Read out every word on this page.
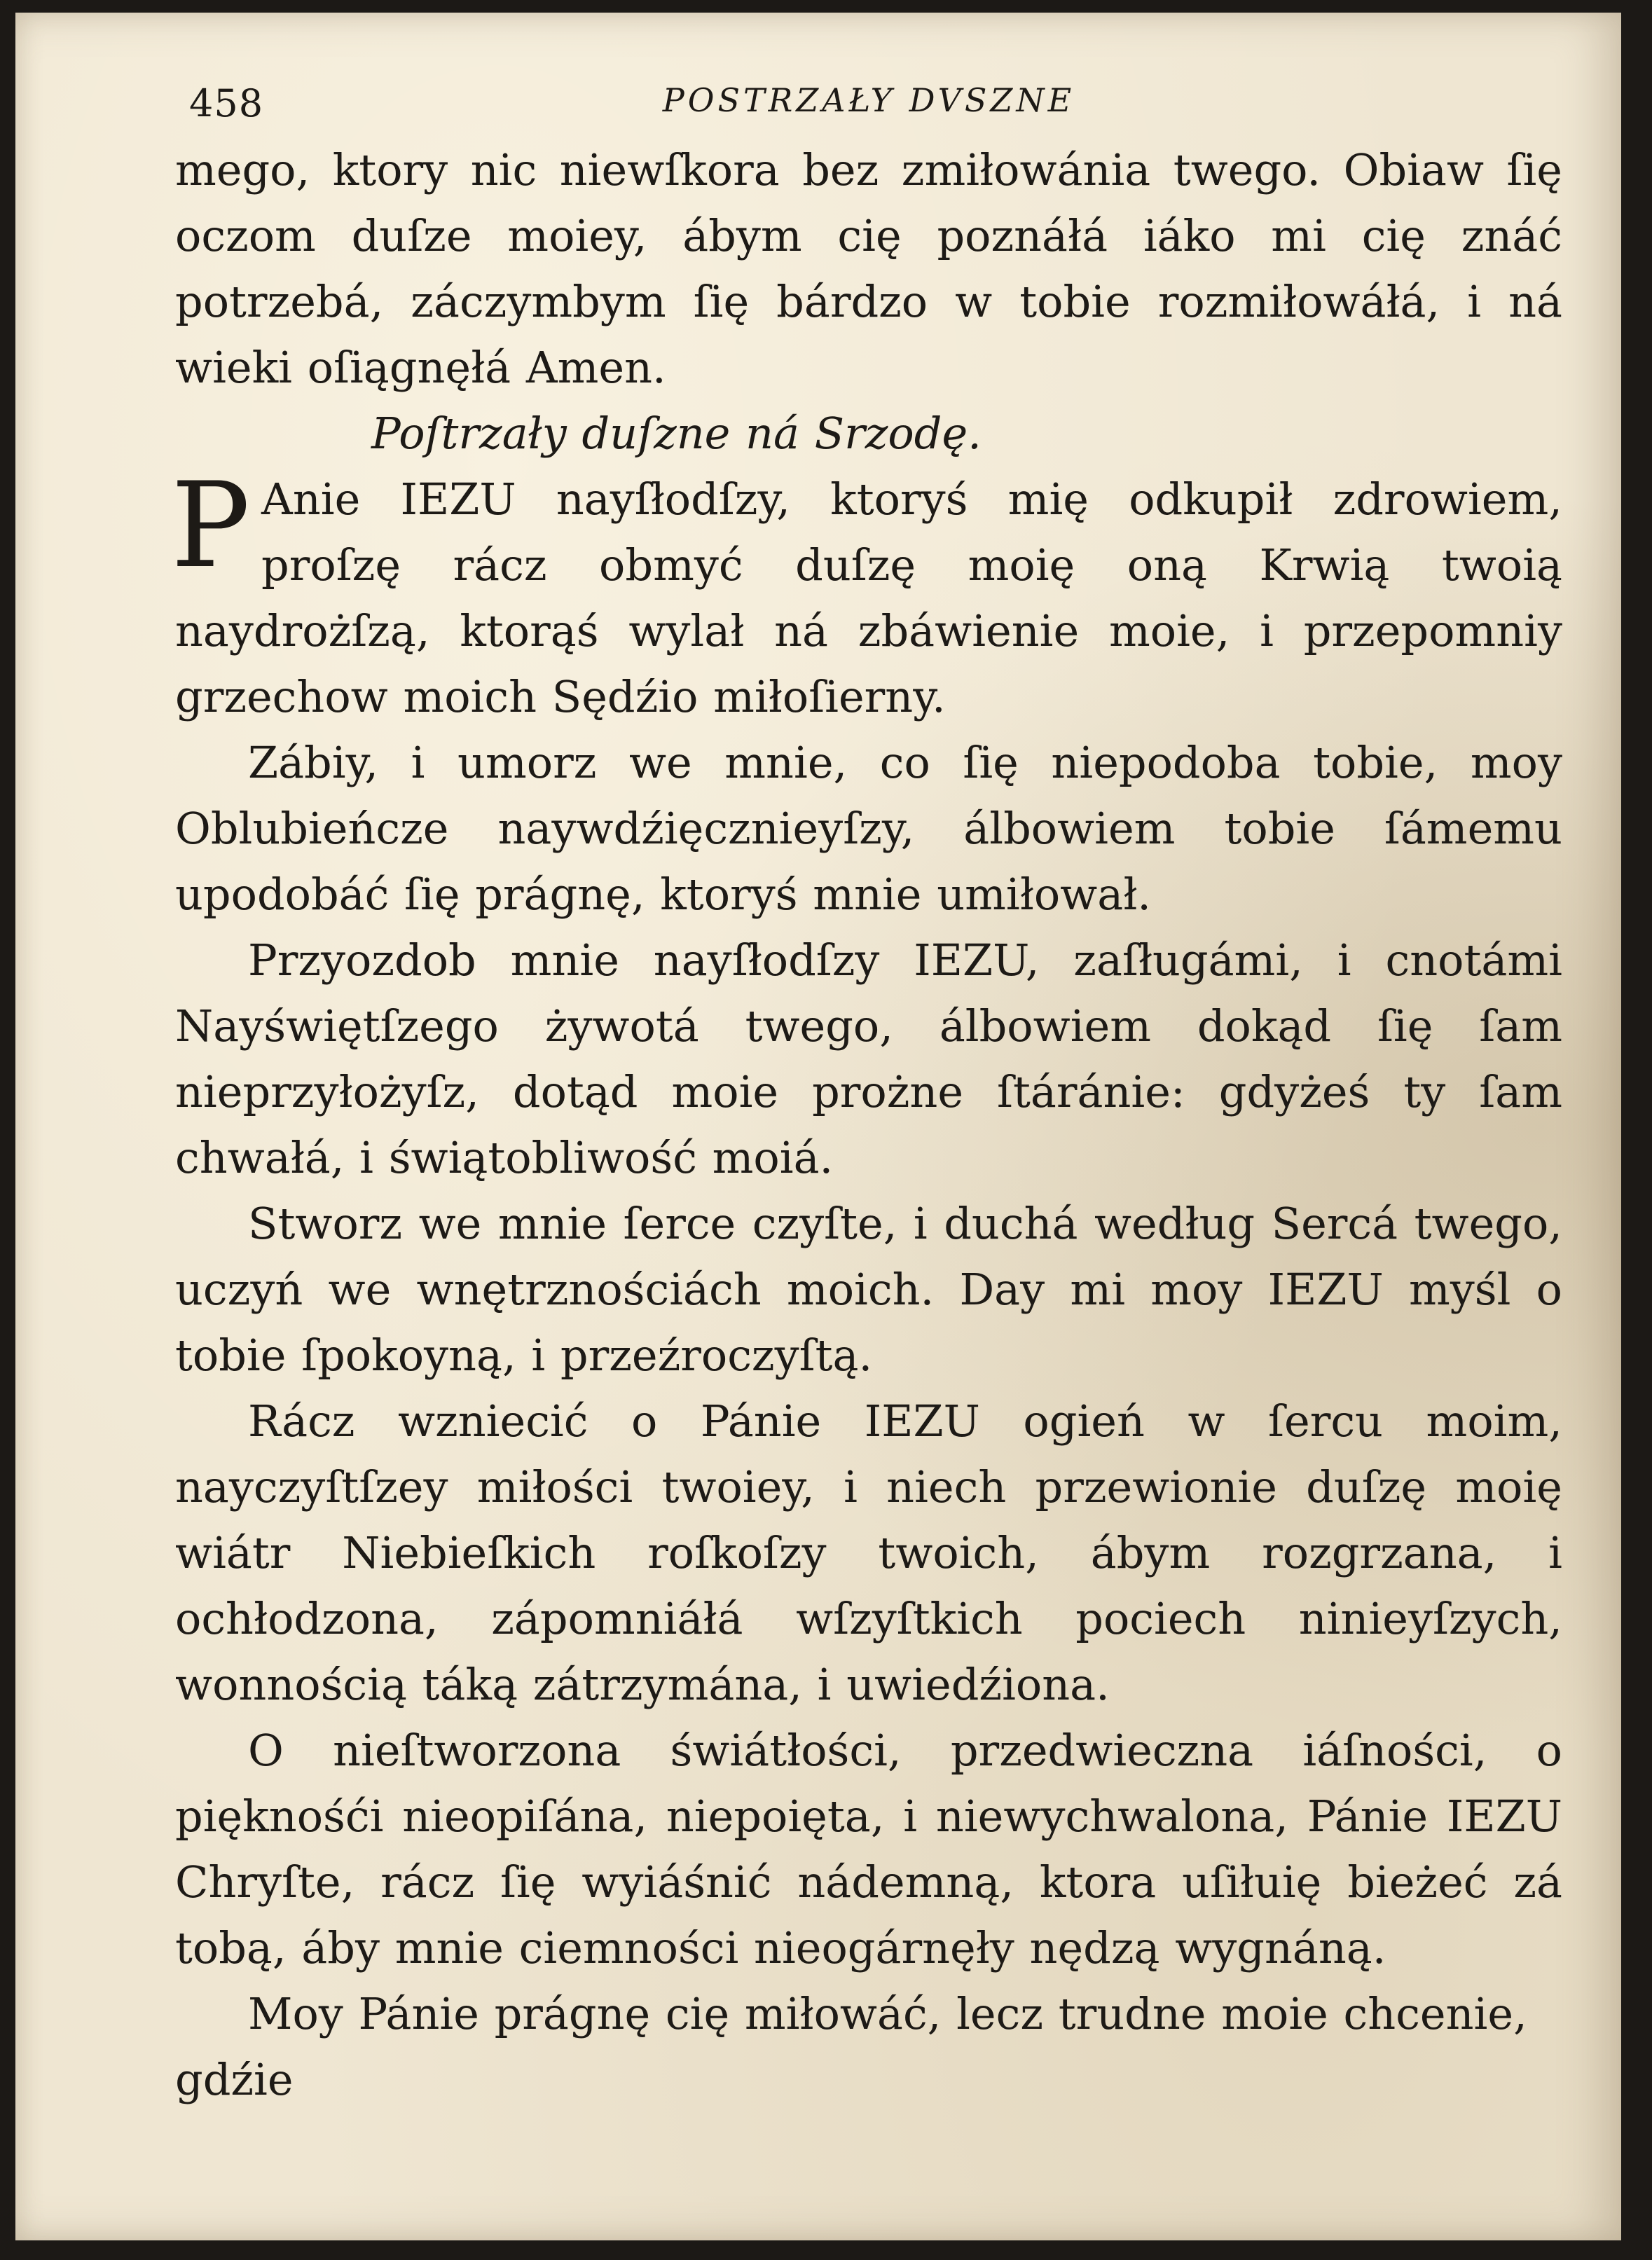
458	POSTRZAŁY DVSZNE

mego, ktory nic niewſkora bez zmiłowánia twego. Obiaw ſię oczom duſze moiey, ábym cię poznáłá iáko mi cię znáć potrzebá, záczymbym ſię bárdzo w tobie rozmiłowáłá, i ná wieki oſiągnęłá Amen.

Poſtrzały duſzne ná Srzodę.

P Anie IEZU nayſłodſzy, ktoryś mię odkupił zdrowiem, proſzę rácz obmyć duſzę moię oną Krwią twoią naydrożſzą, ktorąś wylał ná zbáwienie moie, i przepomniy grzechow moich Sędźio miłoſierny.

Zábiy, i umorz we mnie, co ſię niepodoba tobie, moy Oblubieńcze naywdźięcznieyſzy, álbowiem tobie ſámemu upodobáć ſię prágnę, ktoryś mnie umiłował.

Przyozdob mnie nayſłodſzy IEZU, zaſługámi, i cnotámi Nayświętſzego żywotá twego, álbowiem dokąd ſię ſam nieprzyłożyſz, dotąd moie prożne ſtáránie: gdyżeś ty ſam chwałá, i świątobliwość moiá.

Stworz we mnie ſerce czyſte, i duchá według Sercá twego, uczyń we wnętrznościách moich. Day mi moy IEZU myśl o tobie ſpokoyną, i przeźroczyſtą.

Rácz wzniecić o Pánie IEZU ogień w ſercu moim, nayczyſtſzey miłości twoiey, i niech przewionie duſzę moię wiátr Niebieſkich roſkoſzy twoich, ábym rozgrzana, i ochłodzona, zápomniáłá wſzyſtkich pociech ninieyſzych, wonnością táką zátrzymána, i uwiedźiona.

O nieſtworzona świátłości, przedwieczna iáſności, o pięknośći nieopiſána, niepoięta, i niewychwalona, Pánie IEZU Chryſte, rácz ſię wyiáśnić nádemną, ktora uſiłuię bieżeć zá tobą, áby mnie ciemności nieogárnęły nędzą wygnáną.

Moy Pánie prágnę cię miłowáć, lecz trudne moie chcenie,

gdźie
